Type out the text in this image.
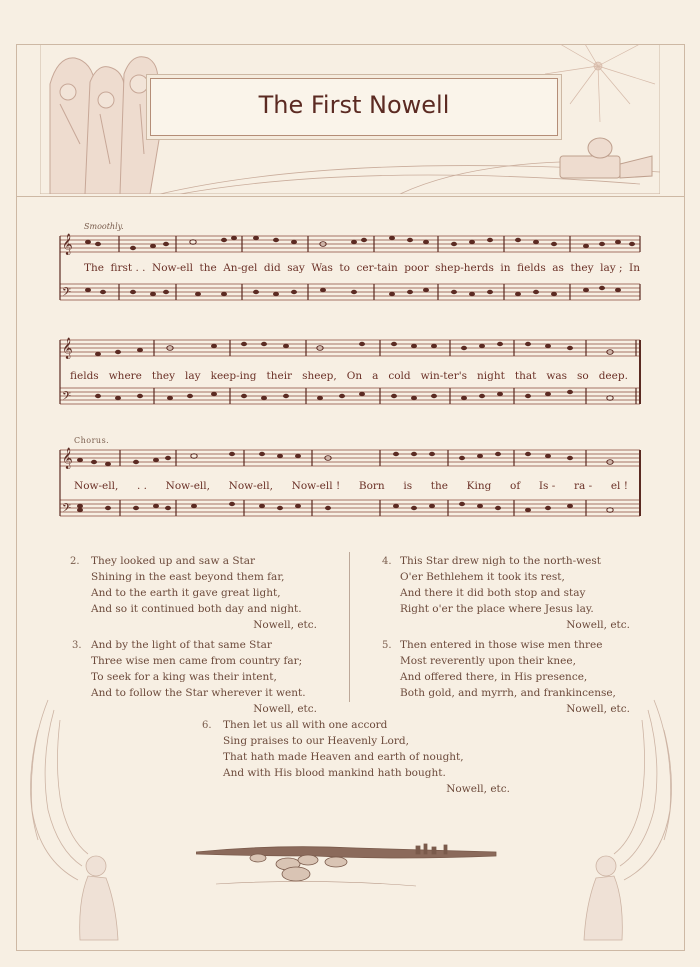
The First Nowell
Smoothly.
𝄞
𝄢
The first . . Now-ell the An-gel did say Was to cer-tain poor shep-herds in fields as they lay ; In
𝄞
𝄢
fields where they lay keep-ing their sheep, On a cold win-ter's night that was so deep.
Chorus.
𝄞
𝄢
Now-ell, . . Now-ell, Now-ell, Now-ell ! Born is the King of Is - ra - el !
2. They looked up and saw a Star
Shining in the east beyond them far,
And to the earth it gave great light,
And so it continued both day and night.
Nowell, etc.
3. And by the light of that same Star
Three wise men came from country far;
To seek for a king was their intent,
And to follow the Star wherever it went.
Nowell, etc.
4. This Star drew nigh to the north-west
O'er Bethlehem it took its rest,
And there it did both stop and stay
Right o'er the place where Jesus lay.
Nowell, etc.
5. Then entered in those wise men three
Most reverently upon their knee,
And offered there, in His presence,
Both gold, and myrrh, and frankincense,
Nowell, etc.
6. Then let us all with one accord
Sing praises to our Heavenly Lord,
That hath made Heaven and earth of nought,
And with His blood mankind hath bought.
Nowell, etc.
